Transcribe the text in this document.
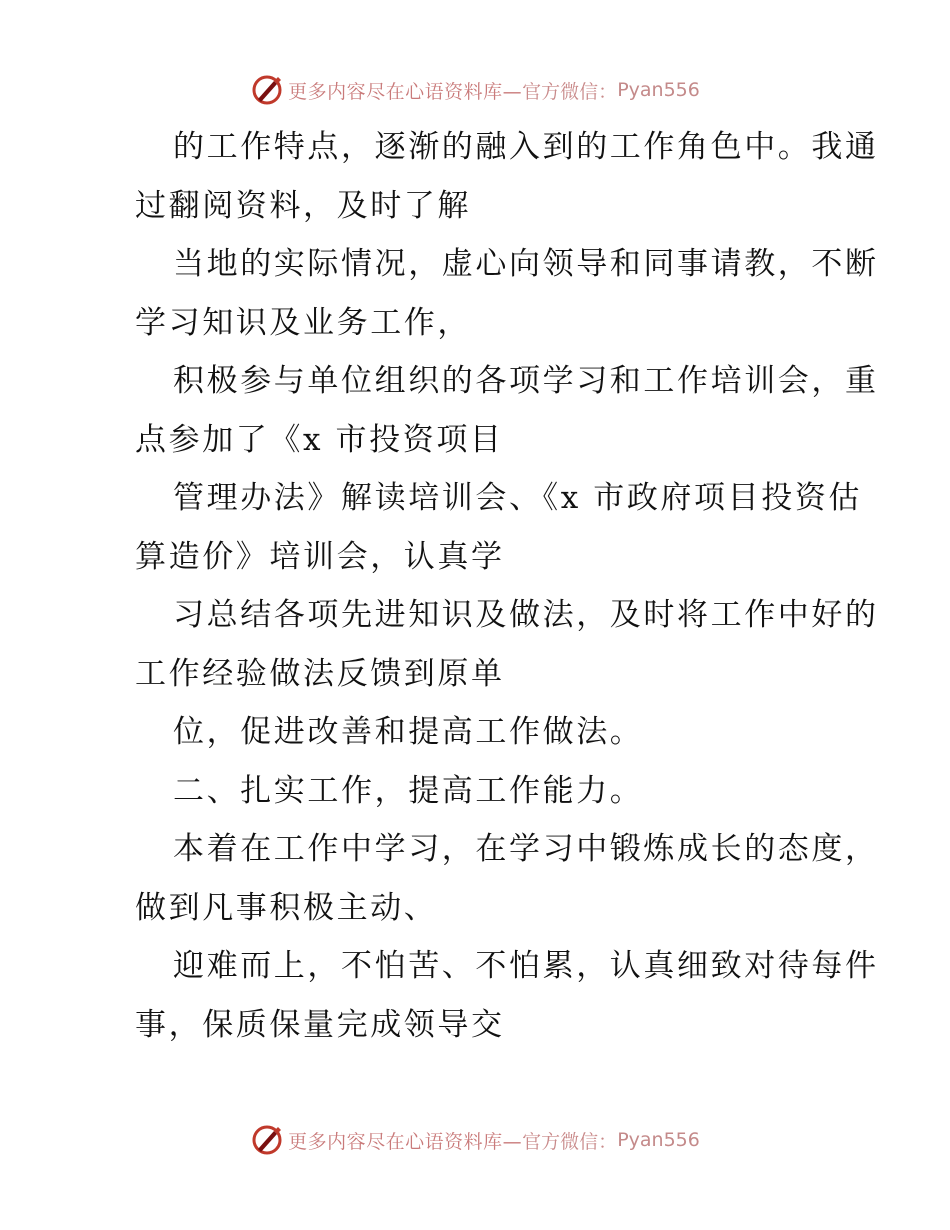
更多内容尽在心语资料库— 官方微信： Pyan556

的工作特点，逐渐的融入到的工作角色中。我通
过翻阅资料，及时了解

当地的实际情况，虚心向领导和同事请教，不断
学习知识及业务工作，

积极参与单位组织的各项学习和工作培训会，重
点参加了《x 市投资项目

管理办法》解读培训会、《x 市政府项目投资估
算造价》培训会，认真学

习总结各项先进知识及做法，及时将工作中好的
工作经验做法反馈到原单

位，促进改善和提高工作做法。

二、扎实工作，提高工作能力。

本着在工作中学习，在学习中锻炼成长的态度，
做到凡事积极主动、

迎难而上，不怕苦、不怕累，认真细致对待每件
事，保质保量完成领导交

更多内容尽在心语资料库— 官方微信： Pyan556
